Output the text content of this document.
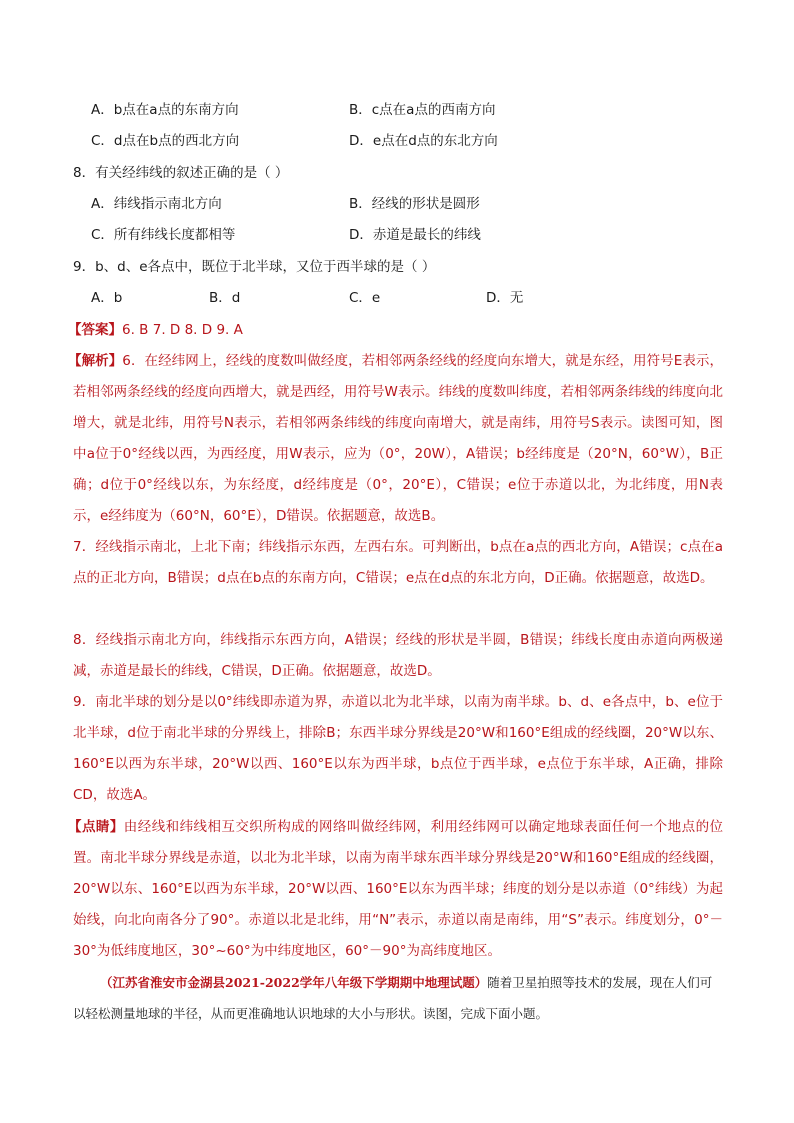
A．b点在a点的东南方向	B．c点在a点的西南方向
C．d点在b点的西北方向	D．e点在d点的东北方向
8．有关经纬线的叙述正确的是（ ）
A．纬线指示南北方向	B．经线的形状是圆形
C．所有纬线长度都相等	D．赤道是最长的纬线
9．b、d、e各点中，既位于北半球，又位于西半球的是（ ）
A．b	B．d	C．e	D．无
【答案】6. B 7. D 8. D 9. A
【解析】6．在经纬网上，经线的度数叫做经度，若相邻两条经线的经度向东增大，就是东经，用符号E表示，若相邻两条经线的经度向西增大，就是西经，用符号W表示。纬线的度数叫纬度，若相邻两条纬线的纬度向北增大，就是北纬，用符号N表示，若相邻两条纬线的纬度向南增大，就是南纬，用符号S表示。读图可知，图中a位于0°经线以西，为西经度，用W表示，应为（0°，20W），A错误；b经纬度是（20°N，60°W），B正确；d位于0°经线以东，为东经度，d经纬度是（0°，20°E），C错误；e位于赤道以北，为北纬度，用N表示，e经纬度为（60°N，60°E），D错误。依据题意，故选B。
7．经线指示南北，上北下南；纬线指示东西，左西右东。可判断出，b点在a点的西北方向，A错误；c点在a点的正北方向，B错误；d点在b点的东南方向，C错误；e点在d点的东北方向，D正确。依据题意，故选D。
8．经线指示南北方向，纬线指示东西方向，A错误；经线的形状是半圆，B错误；纬线长度由赤道向两极递减，赤道是最长的纬线，C错误，D正确。依据题意，故选D。
9．南北半球的划分是以0°纬线即赤道为界，赤道以北为北半球，以南为南半球。b、d、e各点中，b、e位于北半球，d位于南北半球的分界线上，排除B；东西半球分界线是20°W和160°E组成的经线圈，20°W以东、160°E以西为东半球，20°W以西、160°E以东为西半球，b点位于西半球，e点位于东半球，A正确，排除CD，故选A。
【点睛】由经线和纬线相互交织所构成的网络叫做经纬网，利用经纬网可以确定地球表面任何一个地点的位置。南北半球分界线是赤道，以北为北半球，以南为南半球东西半球分界线是20°W和160°E组成的经线圈，20°W以东、160°E以西为东半球，20°W以西、160°E以东为西半球；纬度的划分是以赤道（0°纬线）为起始线，向北向南各分了90°。赤道以北是北纬，用“N”表示，赤道以南是南纬，用“S”表示。纬度划分，0°－30°为低纬度地区，30°~60°为中纬度地区，60°－90°为高纬度地区。
（江苏省淮安市金湖县2021-2022学年八年级下学期期中地理试题）随着卫星拍照等技术的发展，现在人们可以轻松测量地球的半径，从而更准确地认识地球的大小与形状。读图，完成下面小题。
